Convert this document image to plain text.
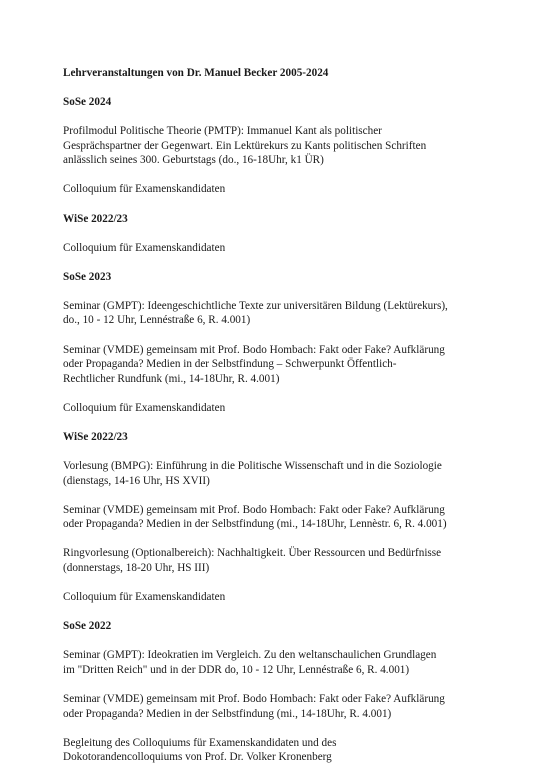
Lehrveranstaltungen von Dr. Manuel Becker 2005-2024
SoSe 2024
Profilmodul Politische Theorie (PMTP): Immanuel Kant als politischer
Gesprächspartner der Gegenwart. Ein Lektürekurs zu Kants politischen Schriften
anlässlich seines 300. Geburtstags (do., 16-18Uhr, k1 ÜR)
Colloquium für Examenskandidaten
WiSe 2022/23
Colloquium für Examenskandidaten
SoSe 2023
Seminar (GMPT): Ideengeschichtliche Texte zur universitären Bildung (Lektürekurs),
do., 10 - 12 Uhr, Lennéstraße 6, R. 4.001)
Seminar (VMDE) gemeinsam mit Prof. Bodo Hombach: Fakt oder Fake? Aufklärung
oder Propaganda? Medien in der Selbstfindung – Schwerpunkt Öffentlich-
Rechtlicher Rundfunk (mi., 14-18Uhr, R. 4.001)
Colloquium für Examenskandidaten
WiSe 2022/23
Vorlesung (BMPG): Einführung in die Politische Wissenschaft und in die Soziologie
(dienstags, 14-16 Uhr, HS XVII)
Seminar (VMDE) gemeinsam mit Prof. Bodo Hombach: Fakt oder Fake? Aufklärung
oder Propaganda? Medien in der Selbstfindung (mi., 14-18Uhr, Lennèstr. 6, R. 4.001)
Ringvorlesung (Optionalbereich): Nachhaltigkeit. Über Ressourcen und Bedürfnisse
(donnerstags, 18-20 Uhr, HS III)
Colloquium für Examenskandidaten
SoSe 2022
Seminar (GMPT): Ideokratien im Vergleich. Zu den weltanschaulichen Grundlagen
im "Dritten Reich" und in der DDR do, 10 - 12 Uhr, Lennéstraße 6, R. 4.001)
Seminar (VMDE) gemeinsam mit Prof. Bodo Hombach: Fakt oder Fake? Aufklärung
oder Propaganda? Medien in der Selbstfindung (mi., 14-18Uhr, R. 4.001)
Begleitung des Colloquiums für Examenskandidaten und des
Dokotorandencolloquiums von Prof. Dr. Volker Kronenberg
